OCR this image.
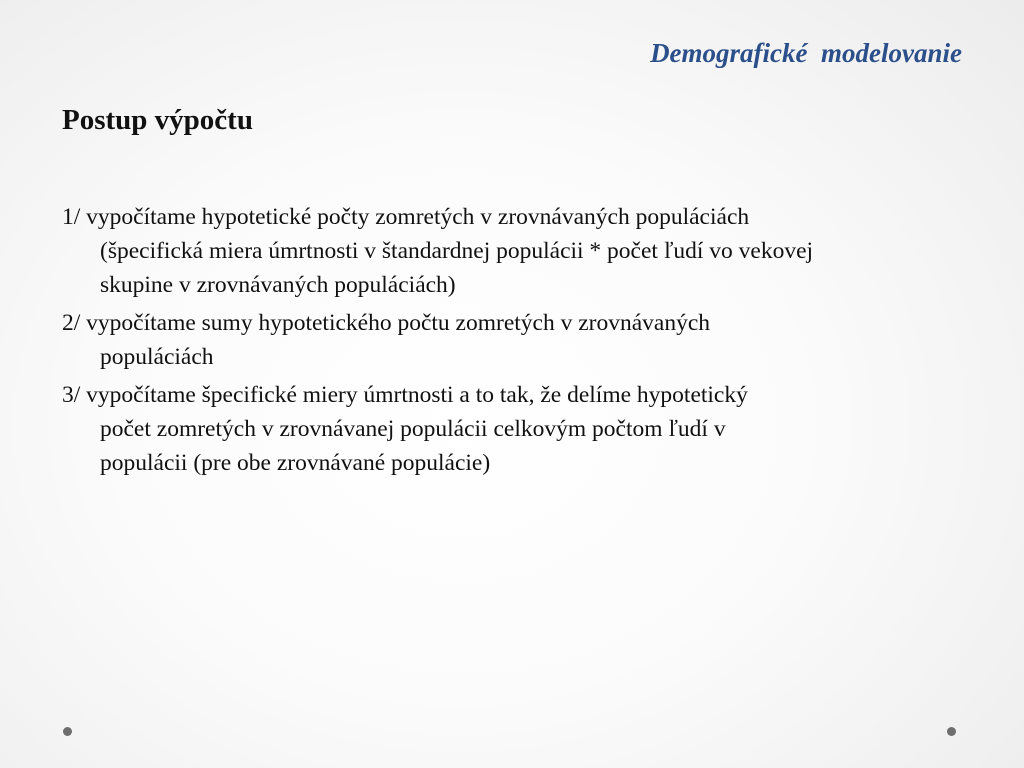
Demografické  modelovanie
Postup výpočtu
1/ vypočítame hypotetické počty zomretých v zrovnávaných populáciách
(špecifická miera úmrtnosti v štandardnej populácii * počet ľudí vo vekovej
skupine v zrovnávaných populáciách)
2/ vypočítame sumy hypotetického počtu zomretých v zrovnávaných
populáciách
3/ vypočítame špecifické miery úmrtnosti a to tak, že delíme hypotetický
počet zomretých v zrovnávanej populácii celkovým počtom ľudí v
populácii (pre obe zrovnávané populácie)
